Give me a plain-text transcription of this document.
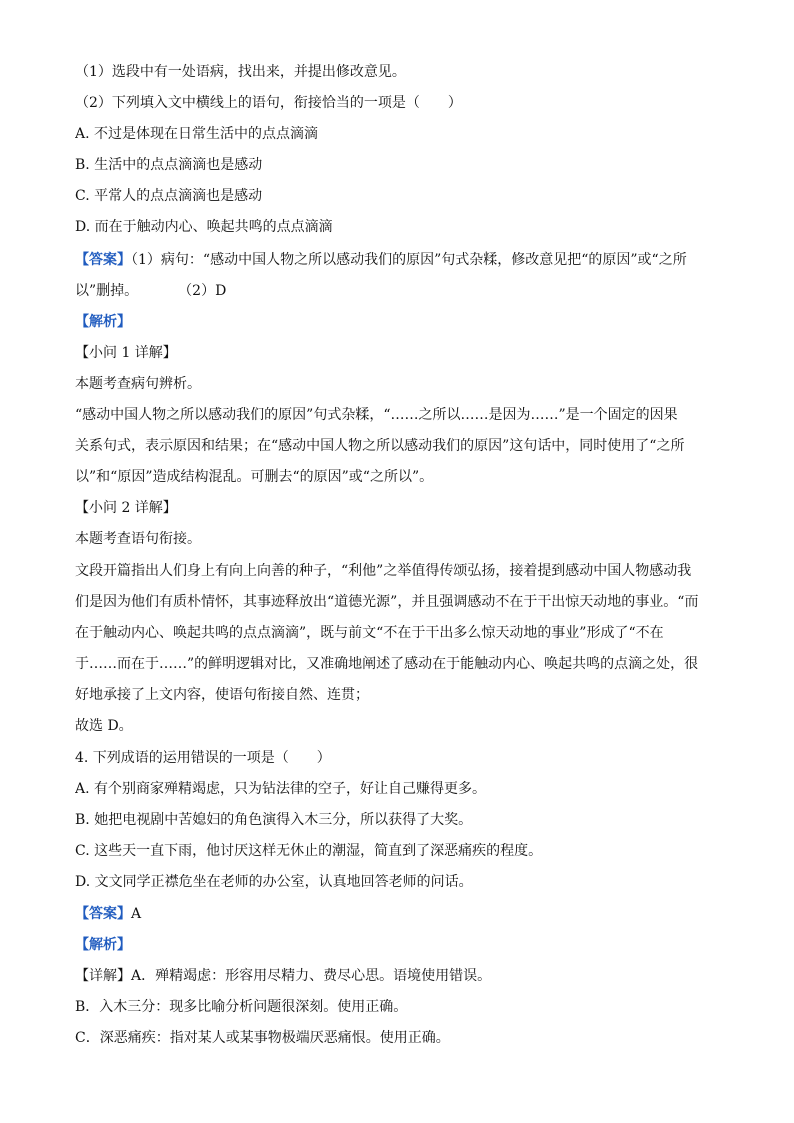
（1）选段中有一处语病，找出来，并提出修改意见。
（2）下列填入文中横线上的语句，衔接恰当的一项是（　　）
A. 不过是体现在日常生活中的点点滴滴
B. 生活中的点点滴滴也是感动
C. 平常人的点点滴滴也是感动
D. 而在于触动内心、唤起共鸣的点点滴滴
【答案】（1）病句：“感动中国人物之所以感动我们的原因”句式杂糅，修改意见把“的原因”或“之所
以”删掉。	（2）D
【解析】
【小问 1 详解】
本题考查病句辨析。
“感动中国人物之所以感动我们的原因”句式杂糅，“……之所以……是因为……”是一个固定的因果
关系句式，表示原因和结果；在“感动中国人物之所以感动我们的原因”这句话中，同时使用了“之所
以”和“原因”造成结构混乱。可删去“的原因”或“之所以”。
【小问 2 详解】
本题考查语句衔接。
文段开篇指出人们身上有向上向善的种子，“利他”之举值得传颂弘扬，接着提到感动中国人物感动我
们是因为他们有质朴情怀，其事迹释放出“道德光源”，并且强调感动不在于干出惊天动地的事业。“而
在于触动内心、唤起共鸣的点点滴滴”，既与前文“不在于干出多么惊天动地的事业”形成了“不在
于……而在于……”的鲜明逻辑对比，又准确地阐述了感动在于能触动内心、唤起共鸣的点滴之处，很
好地承接了上文内容，使语句衔接自然、连贯；
故选 D。
4. 下列成语的运用错误的一项是（　　）
A. 有个别商家殚精竭虑，只为钻法律的空子，好让自己赚得更多。
B. 她把电视剧中苦媳妇的角色演得入木三分，所以获得了大奖。
C. 这些天一直下雨，他讨厌这样无休止的潮湿，简直到了深恶痛疾的程度。
D. 文文同学正襟危坐在老师的办公室，认真地回答老师的问话。
【答案】A
【解析】
【详解】A．殚精竭虑：形容用尽精力、费尽心思。语境使用错误。
B．入木三分：现多比喻分析问题很深刻。使用正确。
C．深恶痛疾：指对某人或某事物极端厌恶痛恨。使用正确。
